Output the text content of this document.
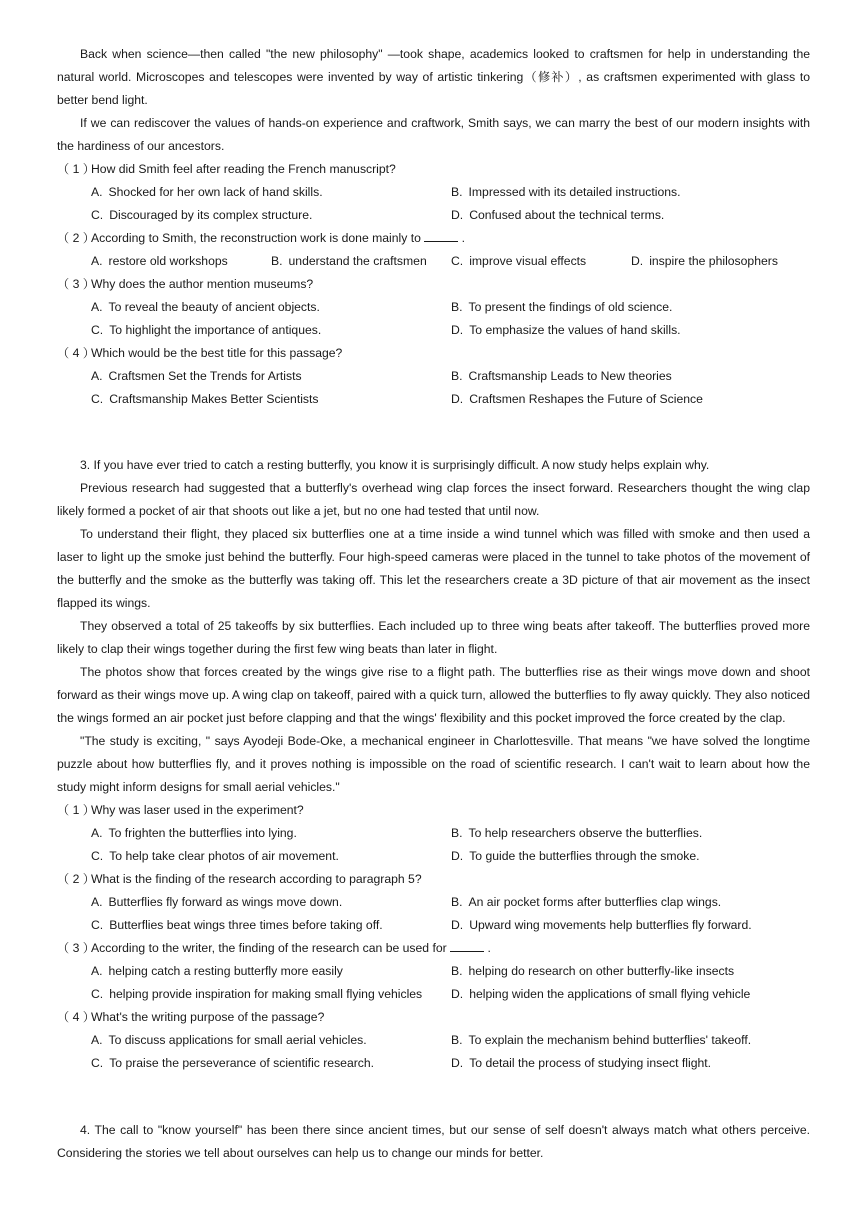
Back when science—then called "the new philosophy" —took shape, academics looked to craftsmen for help in understanding the natural world. Microscopes and telescopes were invented by way of artistic tinkering（修补）, as craftsmen experimented with glass to better bend light.

If we can rediscover the values of hands-on experience and craftwork, Smith says, we can marry the best of our modern insights with the hardiness of our ancestors.

（ 1 ）
How did Smith feel after reading the French manuscript?
A. Shocked for her own lack of hand skills.	B. Impressed with its detailed instructions.
C. Discouraged by its complex structure.	D. Confused about the technical terms.
（ 2 ）
According to Smith, the reconstruction work is done mainly to	.
A. restore old workshops	B. understand the craftsmen	C. improve visual effects	D. inspire the philosophers
（ 3 ）
Why does the author mention museums?
A. To reveal the beauty of ancient objects.	B. To present the findings of old science.
C. To highlight the importance of antiques.	D. To emphasize the values of hand skills.
（ 4 ）
Which would be the best title for this passage?
A. Craftsmen Set the Trends for Artists	B. Craftsmanship Leads to New theories
C. Craftsmanship Makes Better Scientists	D. Craftsmen Reshapes the Future of Science

3. If you have ever tried to catch a resting butterfly, you know it is surprisingly difficult. A now study helps explain why.

Previous research had suggested that a butterfly's overhead wing clap forces the insect forward. Researchers thought the wing clap likely formed a pocket of air that shoots out like a jet, but no one had tested that until now.

To understand their flight, they placed six butterflies one at a time inside a wind tunnel which was filled with smoke and then used a laser to light up the smoke just behind the butterfly. Four high-speed cameras were placed in the tunnel to take photos of the movement of the butterfly and the smoke as the butterfly was taking off. This let the researchers create a 3D picture of that air movement as the insect flapped its wings.

They observed a total of 25 takeoffs by six butterflies. Each included up to three wing beats after takeoff. The butterflies proved more likely to clap their wings together during the first few wing beats than later in flight.

The photos show that forces created by the wings give rise to a flight path. The butterflies rise as their wings move down and shoot forward as their wings move up. A wing clap on takeoff, paired with a quick turn, allowed the butterflies to fly away quickly. They also noticed the wings formed an air pocket just before clapping and that the wings' flexibility and this pocket improved the force created by the clap.

"The study is exciting, " says Ayodeji Bode-Oke, a mechanical engineer in Charlottesville. That means "we have solved the longtime puzzle about how butterflies fly, and it proves nothing is impossible on the road of scientific research. I can't wait to learn about how the study might inform designs for small aerial vehicles."

（ 1 ）
Why was laser used in the experiment?
A. To frighten the butterflies into lying.	B. To help researchers observe the butterflies.
C. To help take clear photos of air movement.	D. To guide the butterflies through the smoke.
（ 2 ）
What is the finding of the research according to paragraph 5?
A. Butterflies fly forward as wings move down.	B. An air pocket forms after butterflies clap wings.
C. Butterflies beat wings three times before taking off.	D. Upward wing movements help butterflies fly forward.
（ 3 ）
According to the writer, the finding of the research can be used for	.
A. helping catch a resting butterfly more easily	B. helping do research on other butterfly-like insects
C. helping provide inspiration for making small flying vehicles	D. helping widen the applications of small flying vehicle
（ 4 ）
What's the writing purpose of the passage?
A. To discuss applications for small aerial vehicles.	B. To explain the mechanism behind butterflies' takeoff.
C. To praise the perseverance of scientific research.	D. To detail the process of studying insect flight.

4. The call to "know yourself" has been there since ancient times, but our sense of self doesn't always match what others perceive. Considering the stories we tell about ourselves can help us to change our minds for better.
